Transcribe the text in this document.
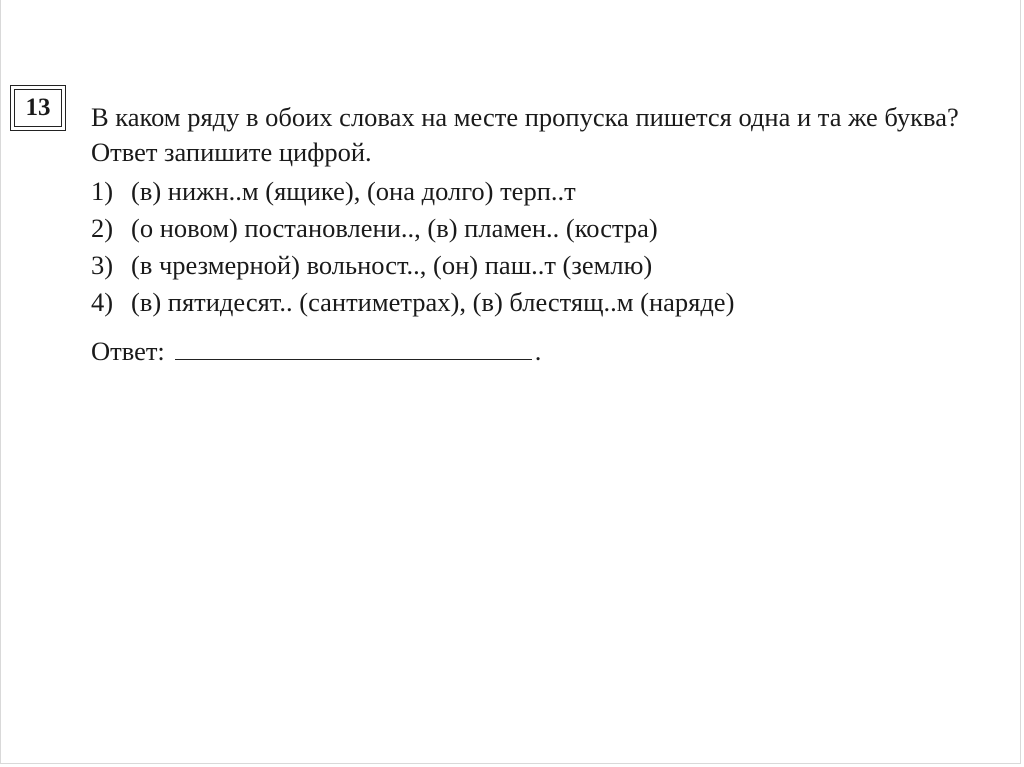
13	В каком ряду в обоих словах на месте пропуска пишется одна и та же буква?
Ответ запишите цифрой.
1) (в) нижн..м (ящике), (она долго) терп..т
2) (о новом) постановлени.., (в) пламен.. (костра)
3) (в чрезмерной) вольност.., (он) паш..т (землю)
4) (в) пятидесят.. (сантиметрах), (в) блестящ..м (наряде)
Ответ:	.
